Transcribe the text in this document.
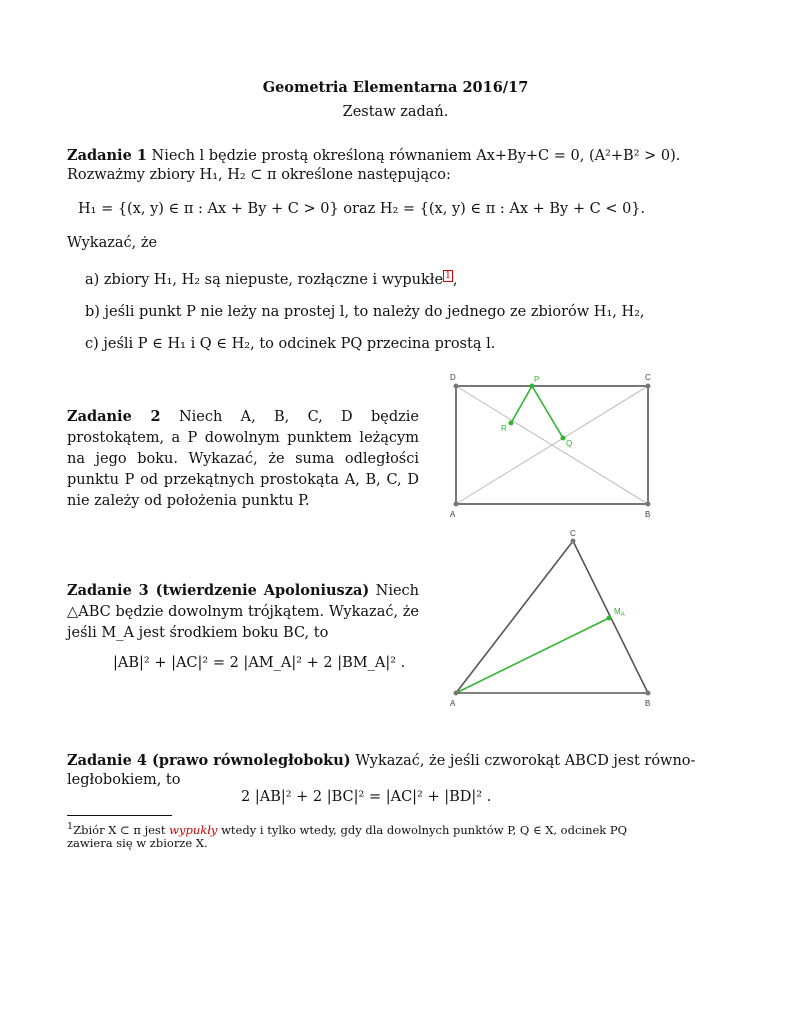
Geometria Elementarna 2016/17
Zestaw zadań.
Zadanie 1 Niech l będzie prostą określoną równaniem Ax+By+C = 0, (A²+B² > 0).
Rozważmy zbiory H₁, H₂ ⊂ π określone następująco:
H₁ = {(x, y) ∈ π : Ax + By + C > 0} oraz H₂ = {(x, y) ∈ π : Ax + By + C < 0}.
Wykazać, że
a) zbiory H₁, H₂ są niepuste, rozłączne i wypukłe $^1$ ,
b) jeśli punkt P nie leży na prostej l, to należy do jednego ze zbiorów H₁, H₂,
c) jeśli P ∈ H₁ i Q ∈ H₂, to odcinek PQ przecina prostą l.
Zadanie 2 Niech A, B, C, D będzie prostokątem, a P dowolnym punktem leżącym na jego boku. Wykazać, że suma odległości punktu P od przekątnych prostokąta A, B, C, D nie zależy od położenia punktu P.
D	C
A	B
P
R
Q
Zadanie 3 (twierdzenie Apoloniusza) Niech △ABC będzie dowolnym trójkątem. Wykazać, że jeśli M_A jest środkiem boku BC, to
|AB|² + |AC|² = 2 |AM_A|² + 2 |BM_A|² .
A	B
C
$M_A$
Zadanie 4 (prawo równoległoboku) Wykazać, że jeśli czworokąt ABCD jest równo-
ległobokiem, to
2 |AB|² + 2 |BC|² = |AC|² + |BD|² .
$^1$Zbiór X ⊂ π jest wypukły wtedy i tylko wtedy, gdy dla dowolnych punktów P, Q ∈ X, odcinek PQ
zawiera się w zbiorze X.
